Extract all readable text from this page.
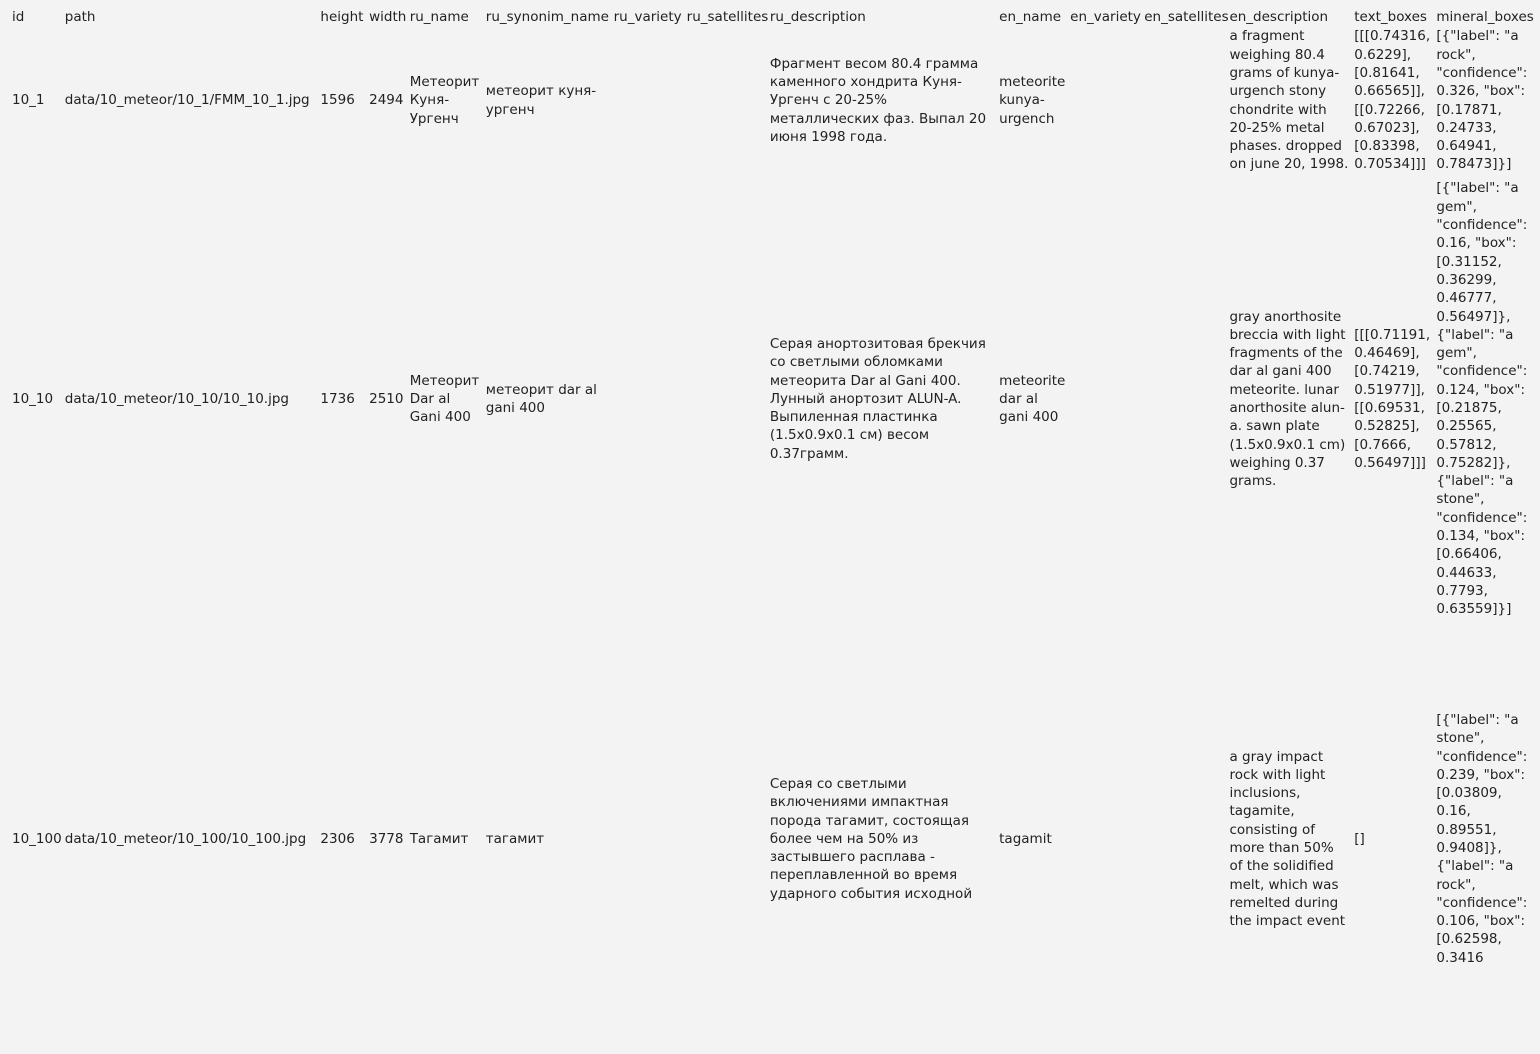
id	path	height	width	ru_name	ru_synonim_name	ru_variety	ru_satellites	ru_description	en_name	en_variety	en_satellites	en_description	text_boxes	mineral_boxes
10_1	data/10_meteor/10_1/FMM_10_1.jpg	1596	2494	Метеорит Куня-Ургенч	метеорит куня-ургенч			Фрагмент весом 80.4 грамма каменного хондрита Куня-Ургенч с 20-25% металлических фаз. Выпал 20 июня 1998 года.	meteorite kunya-urgench			a fragment weighing 80.4 grams of kunya-urgench stony chondrite with 20-25% metal phases. dropped on june 20, 1998.	[[[0.74316, 0.6229], [0.81641, 0.66565]], [[0.72266, 0.67023], [0.83398, 0.70534]]]	[{"label": "a rock", "confidence": 0.326, "box": [0.17871, 0.24733, 0.64941, 0.78473]}]
10_10	data/10_meteor/10_10/10_10.jpg	1736	2510	Метеорит Dar al Gani 400	метеорит dar al gani 400			Серая анортозитовая брекчия со светлыми обломками метеорита Dar al Gani 400. Лунный анортозит ALUN-A. Выпиленная пластинка (1.5x0.9x0.1 см) весом 0.37грамм.	meteorite dar al gani 400			gray anorthosite breccia with light fragments of the dar al gani 400 meteorite. lunar anorthosite alun-a. sawn plate (1.5x0.9x0.1 cm) weighing 0.37 grams.	[[[0.71191, 0.46469], [0.74219, 0.51977]], [[0.69531, 0.52825], [0.7666, 0.56497]]]	[{"label": "a gem", "confidence": 0.16, "box": [0.31152, 0.36299, 0.46777, 0.56497]}, {"label": "a gem", "confidence": 0.124, "box": [0.21875, 0.25565, 0.57812, 0.75282]}, {"label": "a stone", "confidence": 0.134, "box": [0.66406, 0.44633, 0.7793, 0.63559]}]
10_100	data/10_meteor/10_100/10_100.jpg	2306	3778	Тагамит	тагамит			Серая со светлыми включениями импактная порода тагамит, состоящая более чем на 50% из застывшего расплава - переплавленной во время ударного события исходной	tagamit			a gray impact rock with light inclusions, tagamite, consisting of more than 50% of the solidified melt, which was remelted during the impact event	[]	[{"label": "a stone", "confidence": 0.239, "box": [0.03809, 0.16, 0.89551, 0.9408]}, {"label": "a rock", "confidence": 0.106, "box": [0.62598, 0.3416
